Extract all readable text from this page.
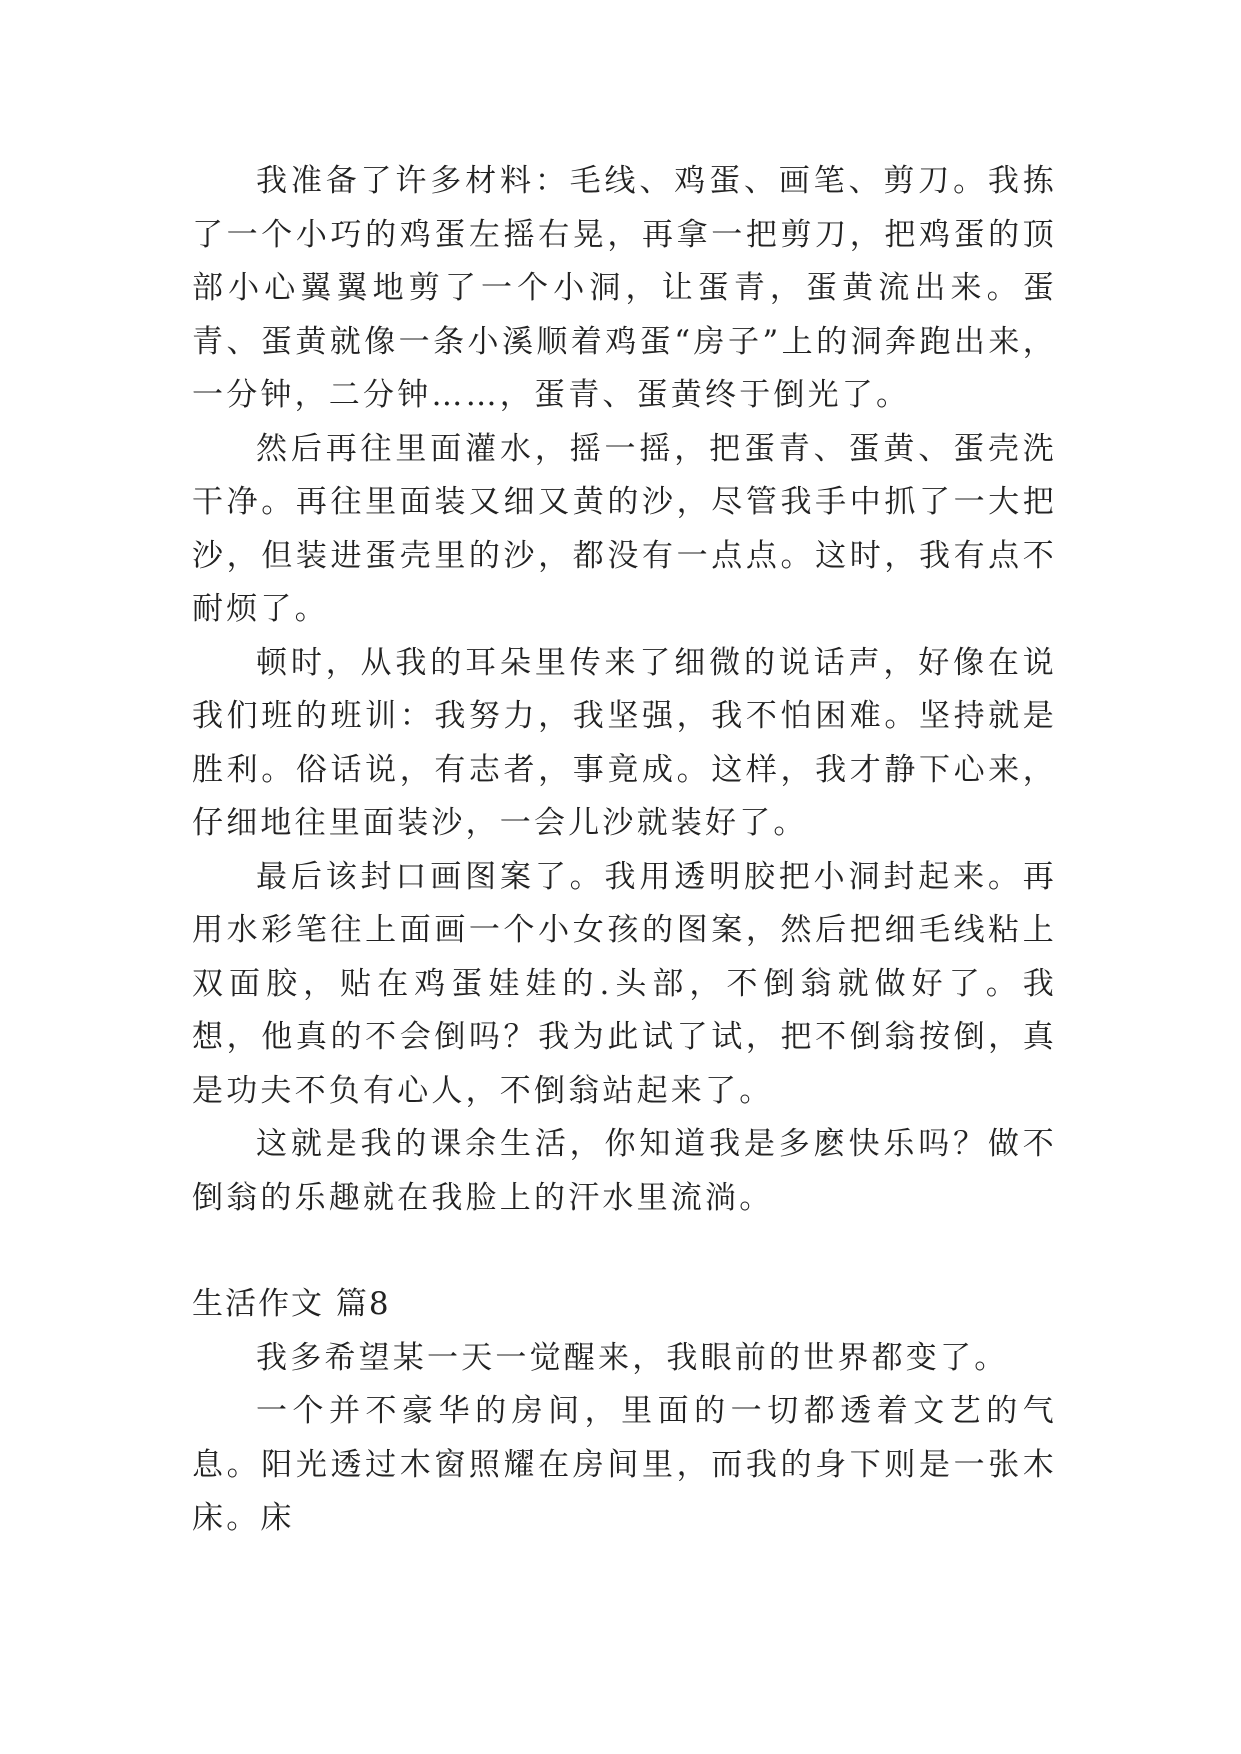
我准备了许多材料：毛线、鸡蛋、画笔、剪刀。我拣了一个小巧的鸡蛋左摇右晃，再拿一把剪刀，把鸡蛋的顶部小心翼翼地剪了一个小洞，让蛋青，蛋黄流出来。蛋青、蛋黄就像一条小溪顺着鸡蛋“房子”上的洞奔跑出来，一分钟，二分钟……，蛋青、蛋黄终于倒光了。

然后再往里面灌水，摇一摇，把蛋青、蛋黄、蛋壳洗干净。再往里面装又细又黄的沙，尽管我手中抓了一大把沙，但装进蛋壳里的沙，都没有一点点。这时，我有点不耐烦了。

顿时，从我的耳朵里传来了细微的说话声，好像在说我们班的班训：我努力，我坚强，我不怕困难。坚持就是胜利。俗话说，有志者，事竟成。这样，我才静下心来，仔细地往里面装沙，一会儿沙就装好了。

最后该封口画图案了。我用透明胶把小洞封起来。再用水彩笔往上面画一个小女孩的图案，然后把细毛线粘上双面胶，贴在鸡蛋娃娃的.头部，不倒翁就做好了。我想，他真的不会倒吗？我为此试了试，把不倒翁按倒，真是功夫不负有心人，不倒翁站起来了。

这就是我的课余生活，你知道我是多麽快乐吗？做不倒翁的乐趣就在我脸上的汗水里流淌。

生活作文 篇8

我多希望某一天一觉醒来，我眼前的世界都变了。

一个并不豪华的房间，里面的一切都透着文艺的气息。阳光透过木窗照耀在房间里，而我的身下则是一张木床。床
